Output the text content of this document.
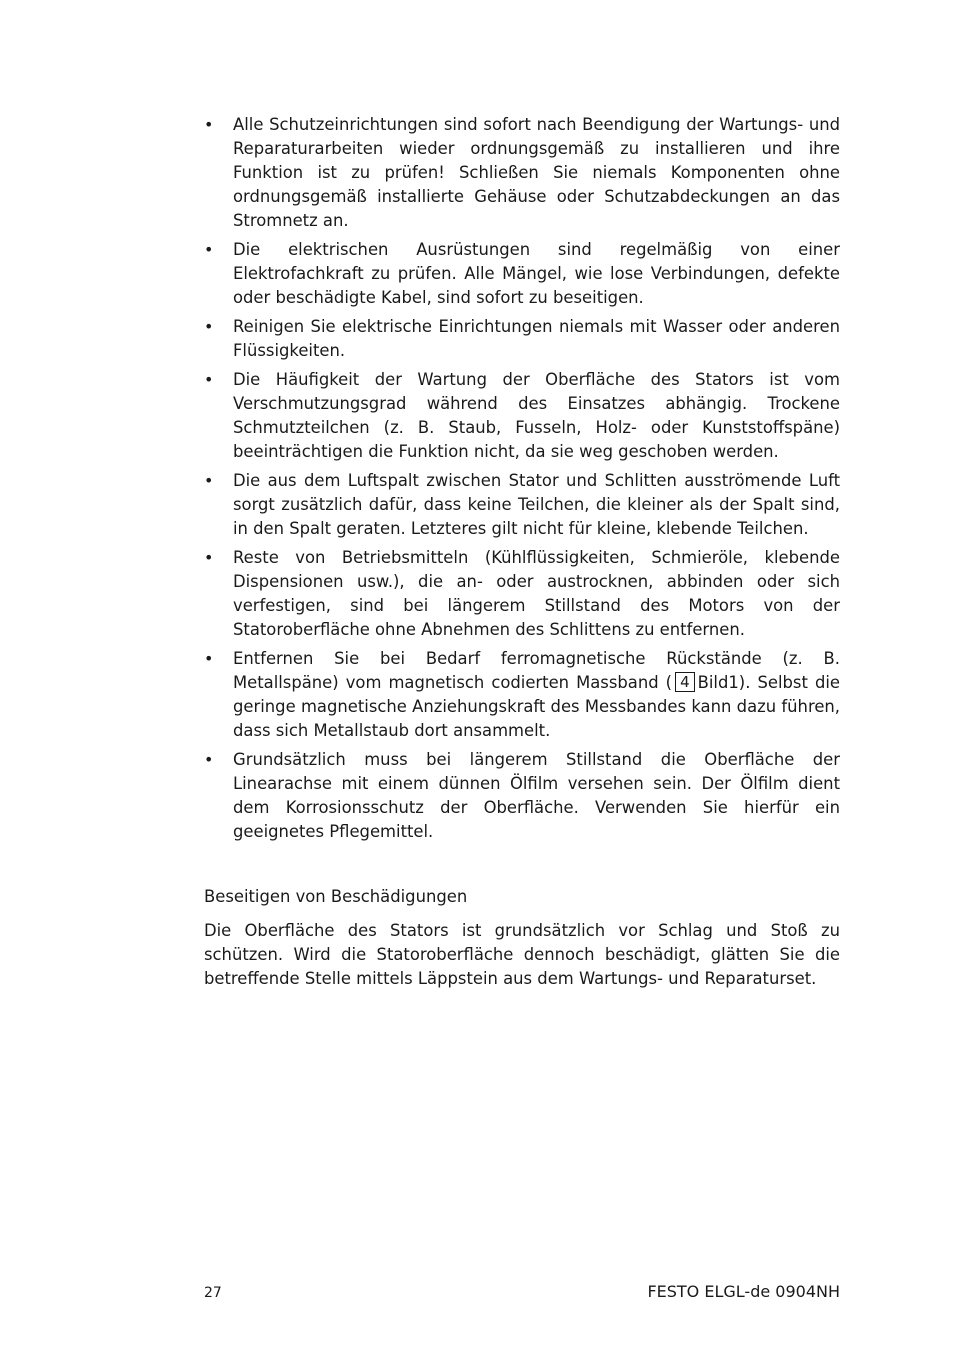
• Alle Schutzeinrichtungen sind sofort nach Beendigung der Wartungs- und Reparaturarbeiten wieder ordnungsgemäß zu installieren und ihre Funktion ist zu prüfen! Schließen Sie niemals Komponenten ohne ordnungsgemäß installierte Gehäuse oder Schutzabdeckungen an das Stromnetz an.
• Die elektrischen Ausrüstungen sind regelmäßig von einer Elektrofachkraft zu prüfen. Alle Mängel, wie lose Verbindungen, defekte oder beschädigte Kabel, sind sofort zu beseitigen.
• Reinigen Sie elektrische Einrichtungen niemals mit Wasser oder anderen Flüssigkeiten.
• Die Häufigkeit der Wartung der Oberfläche des Stators ist vom Verschmutzungsgrad während des Einsatzes abhängig. Trockene Schmutzteilchen (z. B. Staub, Fusseln, Holz- oder Kunststoffspäne) beeinträchtigen die Funktion nicht, da sie weg geschoben werden.
• Die aus dem Luftspalt zwischen Stator und Schlitten ausströmende Luft sorgt zusätzlich dafür, dass keine Teilchen, die kleiner als der Spalt sind, in den Spalt geraten. Letzteres gilt nicht für kleine, klebende Teilchen.
• Reste von Betriebsmitteln (Kühlflüssigkeiten, Schmieröle, klebende Dispensionen usw.), die an- oder austrocknen, abbinden oder sich verfestigen, sind bei längerem Stillstand des Motors von der Statoroberfläche ohne Abnehmen des Schlittens zu entfernen.
• Entfernen Sie bei Bedarf ferromagnetische Rückstände (z. B. Metallspäne) vom magnetisch codierten Massband ( 4 Bild1). Selbst die geringe magnetische Anziehungskraft des Messbandes kann dazu führen, dass sich Metallstaub dort ansammelt.
• Grundsätzlich muss bei längerem Stillstand die Oberfläche der Linearachse mit einem dünnen Ölfilm versehen sein. Der Ölfilm dient dem Korrosionsschutz der Oberfläche. Verwenden Sie hierfür ein geeignetes Pflegemittel.
Beseitigen von Beschädigungen

Die Oberfläche des Stators ist grundsätzlich vor Schlag und Stoß zu schützen. Wird die Statoroberfläche dennoch beschädigt, glätten Sie die betreffende Stelle mittels Läppstein aus dem Wartungs- und Reparaturset.

27	FESTO ELGL-de 0904NH
